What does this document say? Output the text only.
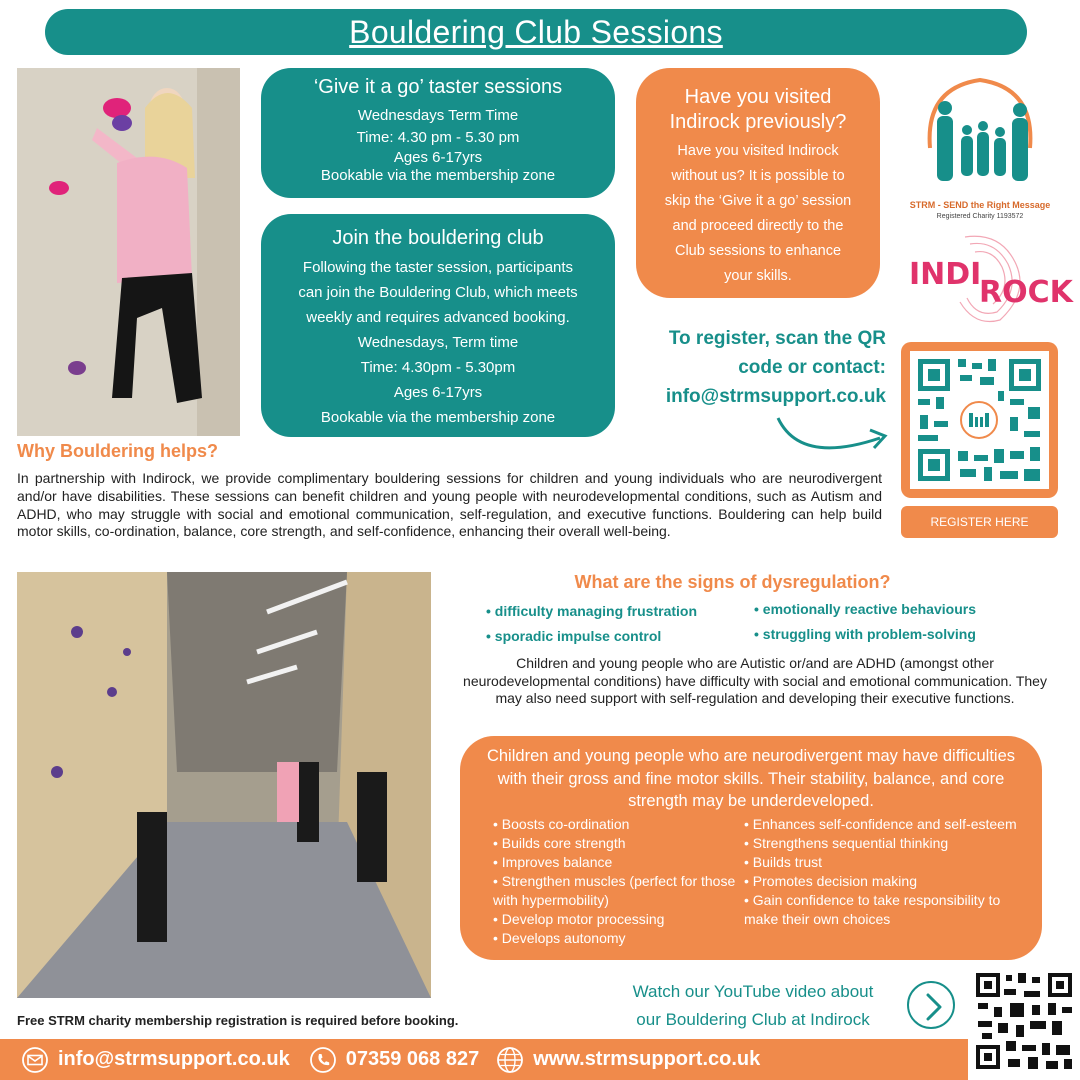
Bouldering Club Sessions
‘Give it a go’ taster sessions
Wednesdays Term Time
Time: 4.30 pm - 5.30 pm
Ages 6-17yrs
Bookable via the membership zone
Join the bouldering club
Following the taster session, participants
can join the Bouldering Club, which meets
weekly and requires advanced booking.
Wednesdays, Term time
Time: 4.30pm - 5.30pm
Ages 6-17yrs
Bookable via the membership zone
Have you visited
Indirock previously?
Have you visited Indirock
without us? It is possible to
skip the ‘Give it a go’ session
and proceed directly to the
Club sessions to enhance
your skills.
STRM - SEND the Right Message
Registered Charity 1193572
INDI
ROCK
To register, scan the QR
code or contact:
info@strmsupport.co.uk
REGISTER HERE
Why Bouldering helps?
In partnership with Indirock, we provide complimentary bouldering sessions for children and young individuals who are neurodivergent and/or have disabilities. These sessions can benefit children and young people with neurodevelopmental conditions, such as Autism and ADHD, who may struggle with social and emotional communication, self-regulation, and executive functions. Bouldering can help build motor skills, co-ordination, balance, core strength, and self-confidence, enhancing their overall well-being.
What are the signs of dysregulation?
• difficulty managing frustration	• emotionally reactive behaviours
• sporadic impulse control	• struggling with problem-solving
Children and young people who are Autistic or/and are ADHD (amongst other neurodevelopmental conditions) have difficulty with social and emotional communication. They may also need support with self-regulation and developing their executive functions.
Children and young people who are neurodivergent may have difficulties with their gross and fine motor skills. Their stability, balance, and core strength may be underdeveloped.
• Boosts co-ordination
• Builds core strength
• Improves balance
• Strengthen muscles (perfect for those with hypermobility)
• Develop motor processing
• Develops autonomy
• Enhances self-confidence and self-esteem
• Strengthens sequential thinking
• Builds trust
• Promotes decision making
• Gain confidence to take responsibility to make their own choices
Free STRM charity membership registration is required before booking.
Watch our YouTube video about
our Bouldering Club at Indirock
info@strmsupport.co.uk	07359 068 827	www.strmsupport.co.uk
